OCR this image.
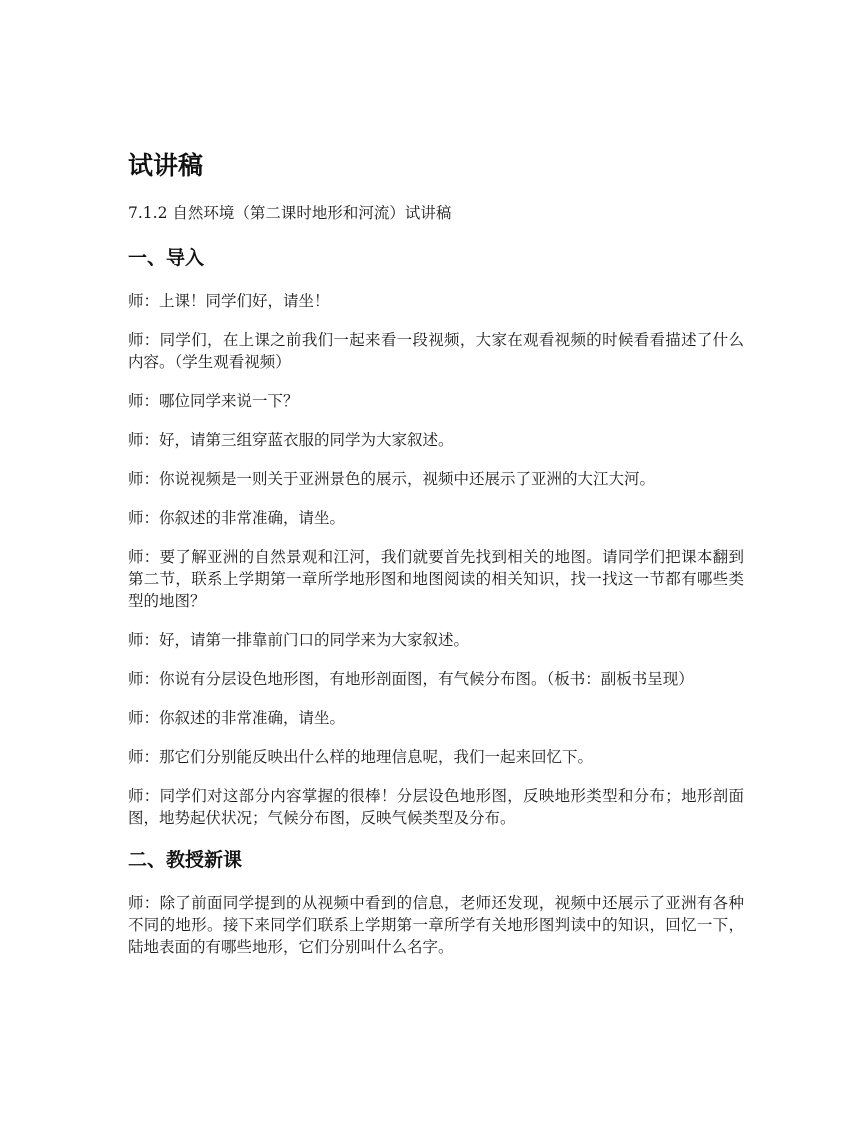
试讲稿

7.1.2 自然环境（第二课时地形和河流）试讲稿

一、导入

师：上课！同学们好，请坐！

师：同学们，在上课之前我们一起来看一段视频，大家在观看视频的时候看看描述了什么内容。（学生观看视频）

师：哪位同学来说一下？

师：好，请第三组穿蓝衣服的同学为大家叙述。

师：你说视频是一则关于亚洲景色的展示，视频中还展示了亚洲的大江大河。

师：你叙述的非常准确，请坐。

师：要了解亚洲的自然景观和江河，我们就要首先找到相关的地图。请同学们把课本翻到第二节，联系上学期第一章所学地形图和地图阅读的相关知识，找一找这一节都有哪些类型的地图？

师：好，请第一排靠前门口的同学来为大家叙述。

师：你说有分层设色地形图，有地形剖面图，有气候分布图。（板书：副板书呈现）

师：你叙述的非常准确，请坐。

师：那它们分别能反映出什么样的地理信息呢，我们一起来回忆下。

师：同学们对这部分内容掌握的很棒！分层设色地形图，反映地形类型和分布；地形剖面图，地势起伏状况；气候分布图，反映气候类型及分布。

二、教授新课

师：除了前面同学提到的从视频中看到的信息，老师还发现，视频中还展示了亚洲有各种不同的地形。接下来同学们联系上学期第一章所学有关地形图判读中的知识，回忆一下，陆地表面的有哪些地形，它们分别叫什么名字。
